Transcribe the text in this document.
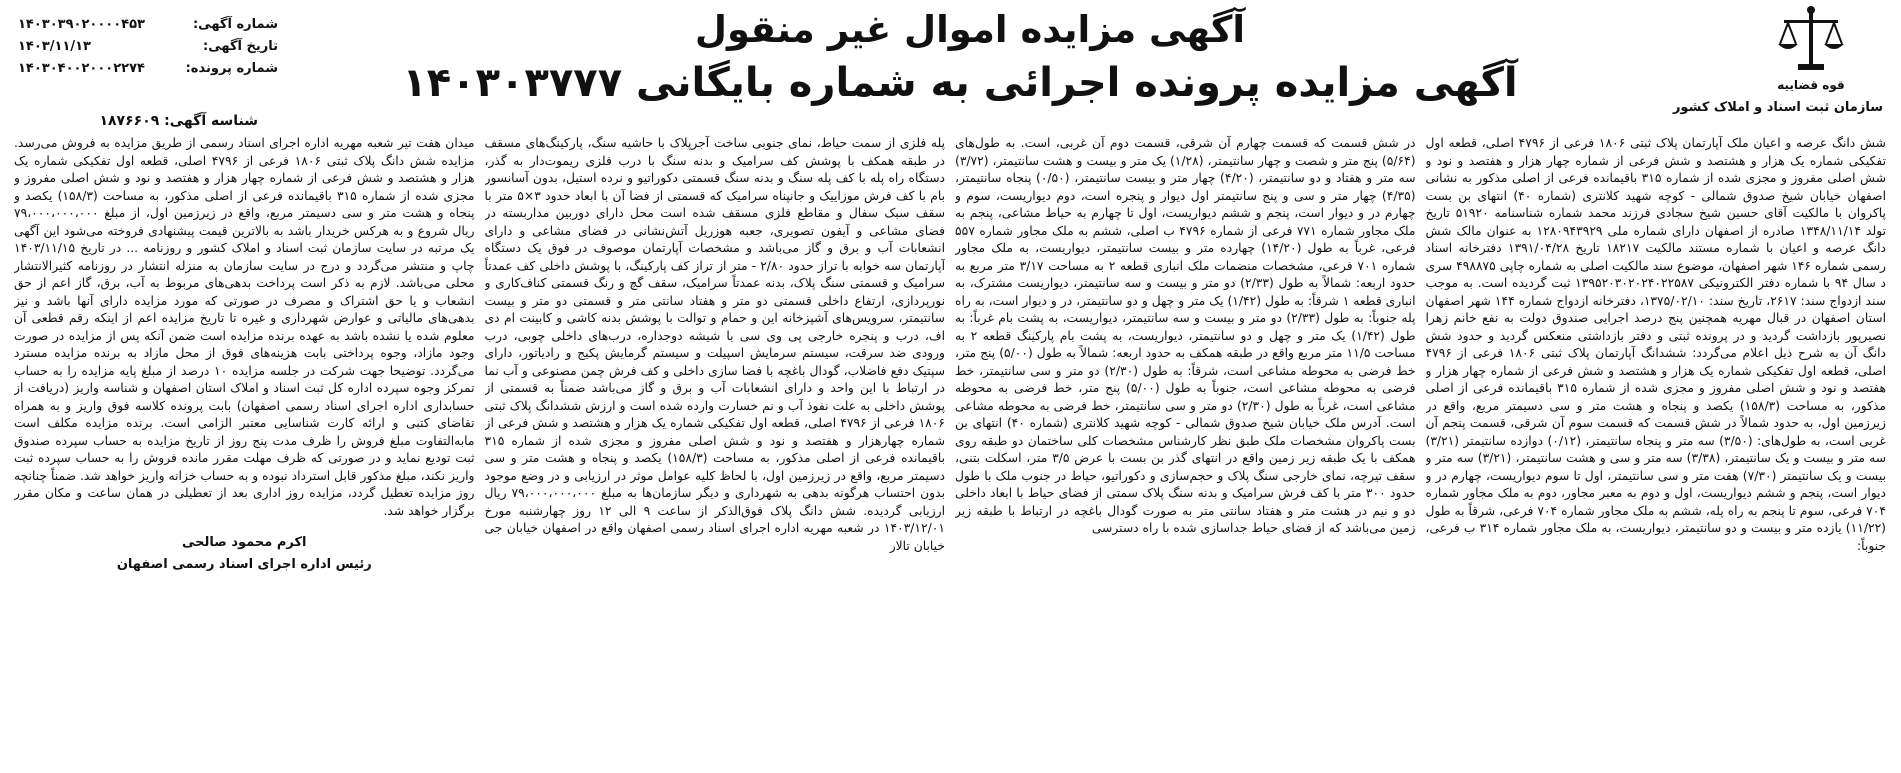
قوه قضاييه
سازمان ثبت اسناد و املاک کشور
آگهی مزایده اموال غیر منقول
آگهی مزایده پرونده اجرائی به شماره بایگانی ۱۴۰۳۰۳۷۷۷
شماره آگهی:
۱۴۰۳۰۳۹۰۲۰۰۰۰۴۵۳
تاریخ آگهی:
۱۴۰۳/۱۱/۱۳
شماره پرونده:
۱۴۰۳۰۴۰۰۲۰۰۰۲۲۷۴
شناسه آگهی: ۱۸۷۶۶۰۹
شش دانگ عرصه و اعیان ملک آپارتمان پلاک ثبتی ۱۸۰۶ فرعی از ۴۷۹۶ اصلی، قطعه اول تفکیکی شماره یک هزار و هشتصد و شش فرعی از شماره چهار هزار و هفتصد و نود و شش اصلی مفروز و مجزی شده از شماره ۳۱۵ باقیمانده فرعی از اصلی مذکور به نشانی اصفهان خیابان شیخ صدوق شمالی - کوچه شهید کلانتری (شماره ۴۰) انتهای بن بست پاکروان با مالکیت آقای حسین شیخ سجادی فرزند محمد شماره شناسنامه ۵۱۹۲۰ تاریخ تولد ۱۳۴۸/۱۱/۱۴ صادره از اصفهان دارای شماره ملی ۱۲۸۰۹۴۳۹۲۹ به عنوان مالک شش دانگ عرصه و اعیان با شماره مستند مالکیت ۱۸۲۱۷ تاریخ ۱۳۹۱/۰۴/۲۸ دفترخانه اسناد رسمی شماره ۱۴۶ شهر اصفهان، موضوع سند مالکیت اصلی به شماره چاپی ۴۹۸۸۷۵ سری د سال ۹۴ با شماره دفتر الکترونیکی ۱۳۹۵۲۰۳۰۲۰۲۴۰۲۲۵۸۷ ثبت گردیده است. به موجب سند ازدواج سند: ۲۶۱۷، تاریخ سند: ۱۳۷۵/۰۲/۱۰، دفترخانه ازدواج شماره ۱۴۴ شهر اصفهان استان اصفهان در قبال مهریه همچنین پنج درصد اجرایی صندوق دولت به نفع خانم زهرا نصیرپور بازداشت گردید و در پرونده ثبتی و دفتر بازداشتی منعکس گردید و حدود شش دانگ آن به شرح ذیل اعلام می‌گردد: ششدانگ آپارتمان پلاک ثبتی ۱۸۰۶ فرعی از ۴۷۹۶ اصلی، قطعه اول تفکیکی شماره یک هزار و هشتصد و شش فرعی از شماره چهار هزار و هفتصد و نود و شش اصلی مفروز و مجزی شده از شماره ۳۱۵ باقیمانده فرعی از اصلی مذکور، به مساحت (۱۵۸/۳) یکصد و پنجاه و هشت متر و سی دسیمتر مربع، واقع در زیرزمین اول، به حدود شمالاً در شش قسمت که قسمت سوم آن شرقی، قسمت پنجم آن غربی است، به طول‌های: (۳/۵۰) سه متر و پنجاه سانتیمتر، (۰/۱۲) دوازده سانتیمتر (۳/۲۱) سه متر و بیست و یک سانتیمتر، (۳/۳۸) سه متر و سی و هشت سانتیمتر، (۳/۲۱) سه متر و بیست و یک سانتیمتر (۷/۳۰) هفت متر و سی سانتیمتر، اول تا سوم دیواریست، چهارم در و دیوار است، پنجم و ششم دیواریست، اول و دوم به معبر مجاور، دوم به ملک مجاور شماره ۷۰۴ فرعی، سوم تا پنجم به راه پله، ششم به ملک مجاور شماره ۷۰۴ فرعی، شرقاً به طول (۱۱/۲۲) یازده متر و بیست و دو سانتیمتر، دیواریست، به ملک مجاور شماره ۳۱۴ ب فرعی، جنوباً:
در شش قسمت که قسمت چهارم آن شرقی، قسمت دوم آن غربی، است. به طول‌های (۵/۶۴) پنج متر و شصت و چهار سانتیمتر، (۱/۲۸) یک متر و بیست و هشت سانتیمتر، (۳/۷۲) سه متر و هفتاد و دو سانتیمتر، (۴/۲۰) چهار متر و بیست سانتیمتر، (۰/۵۰) پنجاه سانتیمتر، (۴/۳۵) چهار متر و سی و پنج سانتیمتر اول دیوار و پنجره است، دوم دیواریست، سوم و چهارم در و دیوار است، پنجم و ششم دیواریست، اول تا چهارم به حیاط مشاعی، پنجم به ملک مجاور شماره ۷۷۱ فرعی از شماره ۴۷۹۶ ب اصلی، ششم به ملک مجاور شماره ۵۵۷ فرعی، غرباً به طول (۱۴/۲۰) چهارده متر و بیست سانتیمتر، دیواریست، به ملک مجاور شماره ۷۰۱ فرعی، مشخصات منضمات ملک انباری قطعه ۲ به مساحت ۳/۱۷ متر مربع به حدود اربعه: شمالاً به طول (۲/۳۳) دو متر و بیست و سه سانتیمتر، دیواریست مشترک، به انباری قطعه ۱ شرقاً: به طول (۱/۴۲) یک متر و چهل و دو سانتیمتر، در و دیوار است، به راه پله جنوباً: به طول (۲/۳۳) دو متر و بیست و سه سانتیمتر، دیواریست، به پشت بام غرباً: به طول (۱/۴۲) یک متر و چهل و دو سانتیمتر، دیواریست، به پشت بام پارکینگ قطعه ۲ به مساحت ۱۱/۵ متر مربع واقع در طبقه همکف به حدود اربعه: شمالاً به طول (۵/۰۰) پنج متر، خط فرضی به محوطه مشاعی است، شرقاً: به طول (۲/۳۰) دو متر و سی سانتیمتر، خط فرضی به محوطه مشاعی است، جنوباً به طول (۵/۰۰) پنج متر، خط فرضی به محوطه مشاعی است، غرباً به طول (۲/۳۰) دو متر و سی سانتیمتر، خط فرضی به محوطه مشاعی است. آدرس ملک خیابان شیخ صدوق شمالی - کوچه شهید کلانتری (شماره ۴۰) انتهای بن بست پاکروان مشخصات ملک طبق نظر کارشناس مشخصات کلی ساختمان دو طبقه روی همکف با یک طبقه زیر زمین واقع در انتهای گذر بن بست با عرض ۳/۵ متر، اسکلت بتنی، سقف تیرچه، نمای خارجی سنگ پلاک و حجم‌سازی و دکوراتیو، حیاط در جنوب ملک با طول حدود ۳۰۰ متر با کف فرش سرامیک و بدنه سنگ پلاک سمتی از فضای حیاط با ابعاد داخلی دو و نیم در هشت متر و هفتاد سانتی متر به صورت گودال باغچه در ارتباط با طبقه زیر زمین می‌باشد که از فضای حیاط جداسازی شده با راه دسترسی
پله فلزی از سمت حیاط، نمای جنوبی ساخت آجرپلاک با حاشیه سنگ، پارکینگ‌های مسقف در طبقه همکف با پوشش کف سرامیک و بدنه سنگ با درب فلزی ریموت‌دار به گذر، دستگاه راه پله با کف پله سنگ و بدنه سنگ قسمتی دکوراتیو و نرده استیل، بدون آسانسور بام با کف فرش موزاییک و جانپناه سرامیک که قسمتی از فضا آن با ابعاد حدود ۳×۵ متر با سقف سبک سفال و مقاطع فلزی مسقف شده است محل دارای دوربین مداربسته در فضای مشاعی و آیفون تصویری، جعبه هوزریل آتش‌نشانی در فضای مشاعی و دارای انشعابات آب و برق و گاز می‌باشد و مشخصات آپارتمان موصوف در فوق یک دستگاه آپارتمان سه خوابه با تراز حدود ۲/۸۰ - متر از تراز کف پارکینگ، با پوشش داخلی کف عمدتاً سرامیک و قسمتی سنگ پلاک، بدنه عمدتاً سرامیک، سقف گچ و رنگ قسمتی کناف‌کاری و نورپردازی، ارتفاع داخلی قسمتی دو متر و هفتاد سانتی متر و قسمتی دو متر و بیست سانتیمتر، سرویس‌های آشپزخانه این و حمام و توالت با پوشش بدنه کاشی و کابینت ام دی اف، درب و پنجره خارجی پی وی سی با شیشه دوجداره، درب‌های داخلی چوبی، درب ورودی ضد سرقت، سیستم سرمایش اسپیلت و سیستم گرمایش پکیج و رادیاتور، دارای سپتیک دفع فاضلاب، گودال باغچه با فضا سازی داخلی و کف فرش چمن مصنوعی و آب نما در ارتباط با این واحد و دارای انشعابات آب و برق و گاز می‌باشد ضمناً به قسمتی از پوشش داخلی به علت نفوذ آب و نم خسارت وارده شده است و ارزش ششدانگ پلاک ثبتی ۱۸۰۶ فرعی از ۴۷۹۶ اصلی، قطعه اول تفکیکی شماره یک هزار و هشتصد و شش فرعی از شماره چهارهزار و هفتصد و نود و شش اصلی مفروز و مجزی شده از شماره ۳۱۵ باقیمانده فرعی از اصلی مذکور، به مساحت (۱۵۸/۳) یکصد و پنجاه و هشت متر و سی دسیمتر مربع، واقع در زیرزمین اول، با لحاظ کلیه عوامل موثر در ارزیابی و در وضع موجود بدون احتساب هرگونه بدهی به شهرداری و دیگر سازمان‌ها به مبلغ ۷۹،۰۰۰،۰۰۰،۰۰۰ ریال ارزیابی گردیده. شش دانگ پلاک فوق‌الذکر از ساعت ۹ الی ۱۲ روز چهارشنبه مورخ ۱۴۰۳/۱۲/۰۱ در شعبه مهریه اداره اجرای اسناد رسمی اصفهان واقع در اصفهان خیابان جی خیابان تالار
میدان هفت تیر شعبه مهریه اداره اجرای اسناد رسمی از طریق مزایده به فروش می‌رسد. مزایده شش دانگ پلاک ثبتی ۱۸۰۶ فرعی از ۴۷۹۶ اصلی، قطعه اول تفکیکی شماره یک هزار و هشتصد و شش فرعی از شماره چهار هزار و هفتصد و نود و شش اصلی مفروز و مجزی شده از شماره ۳۱۵ باقیمانده فرعی از اصلی مذکور، به مساحت (۱۵۸/۳) یکصد و پنجاه و هشت متر و سی دسیمتر مربع، واقع در زیرزمین اول، از مبلغ ۷۹،۰۰۰،۰۰۰،۰۰۰ ریال شروع و به هرکس خریدار باشد به بالاترین قیمت پیشنهادی فروخته می‌شود این آگهی یک مرتبه در سایت سازمان ثبت اسناد و املاک کشور و روزنامه ... در تاریخ ۱۴۰۳/۱۱/۱۵ چاپ و منتشر می‌گردد و درج در سایت سازمان به منزله انتشار در روزنامه کثیرالانتشار محلی می‌باشد. لازم به ذکر است پرداخت بدهی‌های مربوط به آب، برق، گاز اعم از حق انشعاب و یا حق اشتراک و مصرف در صورتی که مورد مزایده دارای آنها باشد و نیز بدهی‌های مالیاتی و عوارض شهرداری و غیره تا تاریخ مزایده اعم از اینکه رقم قطعی آن معلوم شده یا نشده باشد به عهده برنده مزایده است ضمن آنکه پس از مزایده در صورت وجود مازاد، وجوه پرداختی بابت هزینه‌های فوق از محل مازاد به برنده مزایده مسترد می‌گردد. توضیحا جهت شرکت در جلسه مزایده ۱۰ درصد از مبلغ پایه مزایده را به حساب تمرکز وجوه سپرده اداره کل ثبت اسناد و املاک استان اصفهان و شناسه واریز (دریافت از حسابداری اداره اجرای اسناد رسمی اصفهان) بابت پرونده کلاسه فوق واریز و به همراه تقاضای کتبی و ارائه کارت شناسایی معتبر الزامی است. برنده مزایده مکلف است مابه‌التفاوت مبلغ فروش را ظرف مدت پنج روز از تاریخ مزایده به حساب سپرده صندوق ثبت تودیع نماید و در صورتی که ظرف مهلت مقرر مانده فروش را به حساب سپرده ثبت واریز نکند، مبلغ مذکور قابل استرداد نبوده و به حساب خزانه واریز خواهد شد. ضمناً چنانچه روز مزایده تعطیل گردد، مزایده روز اداری بعد از تعطیلی در همان ساعت و مکان مقرر برگزار خواهد شد.
اکرم محمود صالحی
رئیس اداره اجرای اسناد رسمی اصفهان
